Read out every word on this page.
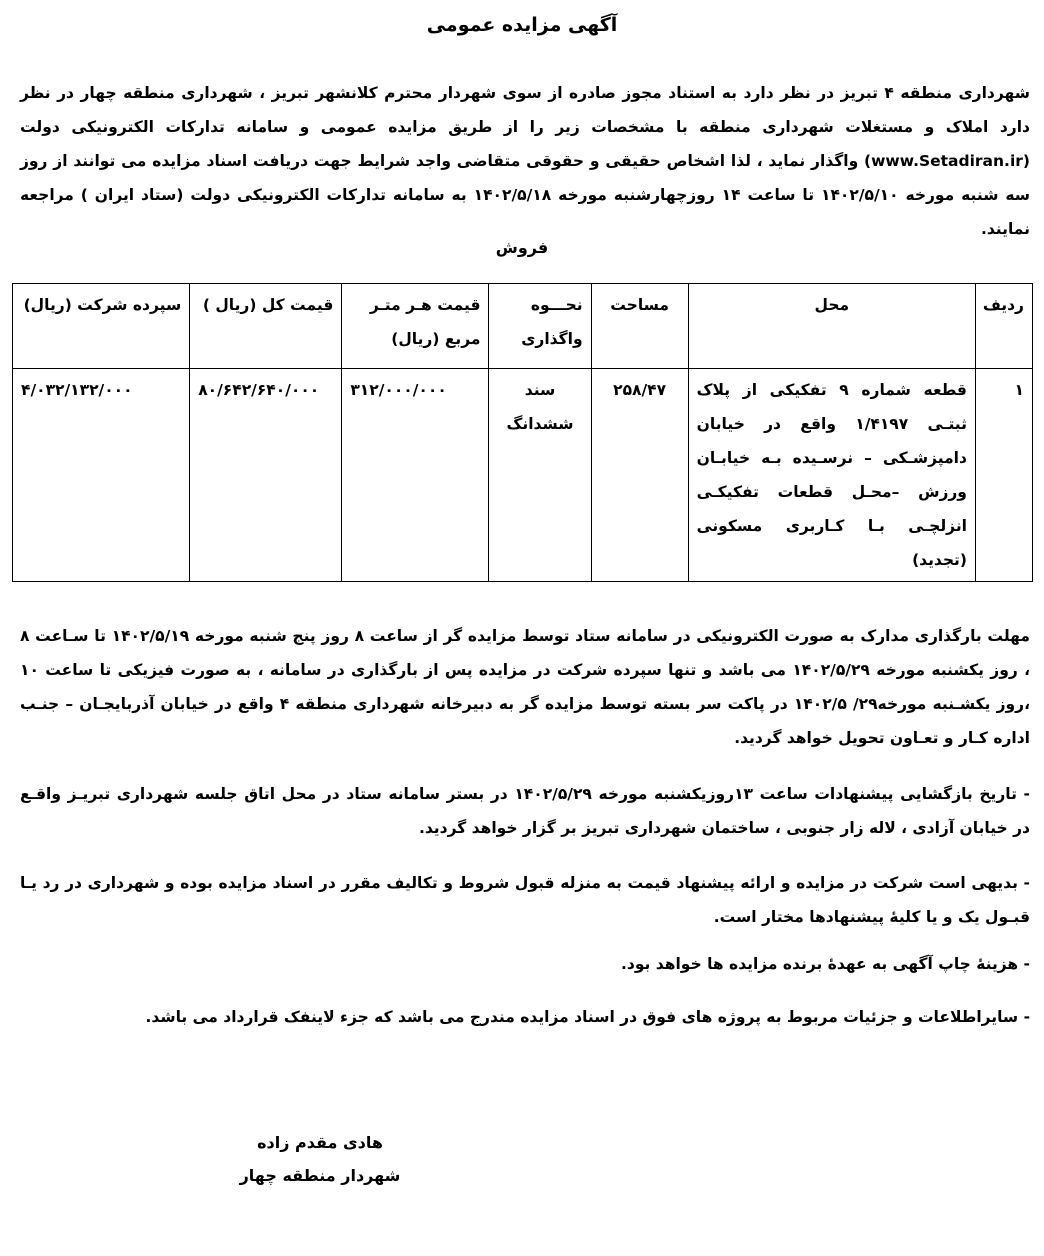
آگهی مزایده عمومی
شهرداری منطقه ۴ تبریز در نظر دارد به استناد مجوز صادره از سوی شهردار محترم کلانشهر تبریز ، شهرداری منطقه چهار در نظر دارد املاک و مستغلات شهرداری منطقه با مشخصات زیر را از طریق مزایده عمومی و سامانه تدارکات الکترونیکی دولت (www.Setadiran.ir) واگذار نماید ، لذا اشخاص حقیقی و حقوقی متقاضی واجد شرایط جهت دریافت اسناد مزایده می توانند از روز سه شنبه مورخه ۱۴۰۲/۵/۱۰ تا ساعت ۱۴ روزچهارشنبه مورخه ۱۴۰۲/۵/۱۸ به سامانه تدارکات الکترونیکی دولت (ستاد ایران ) مراجعه نمایند.
فروش
ردیف	محل	مساحت	نحـــوه واگذاری	قیمت هـر متـر مربع (ریال)	قیمت کل (ریال )	سپرده شرکت (ریال)
۱	قطعه شماره ۹ تفکیکی از پلاک ثبتـی ۱/۴۱۹۷ واقع در خیابان دامپزشـکی – نرسـیده بـه خیابـان ورزش –محـل قطعات تفکیکـی انزلچـی بـا کـاربری مسکونی (تجدید)	۲۵۸/۴۷	سند ششدانگ	۳۱۲/۰۰۰/۰۰۰	۸۰/۶۴۲/۶۴۰/۰۰۰	۴/۰۳۲/۱۳۲/۰۰۰
مهلت بارگذاری مدارک به صورت الکترونیکی در سامانه ستاد توسط مزایده گر از ساعت ۸ روز پنج شنبه مورخه ۱۴۰۲/۵/۱۹ تا سـاعت ۸ ، روز یکشنبه مورخه ۱۴۰۲/۵/۲۹ می باشد و تنها سپرده شرکت در مزایده پس از بارگذاری در سامانه ، به صورت فیزیکی تا ساعت ۱۰ ،روز یکشـنبه مورخه۲۹/ ۱۴۰۲/۵ در پاکت سر بسته توسط مزایده گر به دبیرخانه شهرداری منطقه ۴ واقع در خیابان آذربایجـان – جنـب اداره کـار و تعـاون تحویل خواهد گردید.
- تاریخ بازگشایی پیشنهادات ساعت ۱۳روزیکشنبه مورخه ۱۴۰۲/۵/۲۹ در بستر سامانه ستاد در محل اتاق جلسه شهرداری تبریـز واقـع در خیابان آزادی ، لاله زار جنوبی ، ساختمان شهرداری تبریز بر گزار خواهد گردید.
- بدیهی است شرکت در مزایده و ارائه پیشنهاد قیمت به منزله قبول شروط و تکالیف مقرر در اسناد مزایده بوده و شهرداری در رد یـا قبـول یک و یا کلیهٔ پیشنهادها مختار است.
- هزینهٔ چاپ آگهی به عهدهٔ برنده مزایده ها خواهد بود.
- سایراطلاعات و جزئیات مربوط به پروژه های فوق در اسناد مزایده مندرج می باشد که جزء لاینفک قرارداد می باشد.
هادی مقدم زاده
شهردار منطقه چهار
